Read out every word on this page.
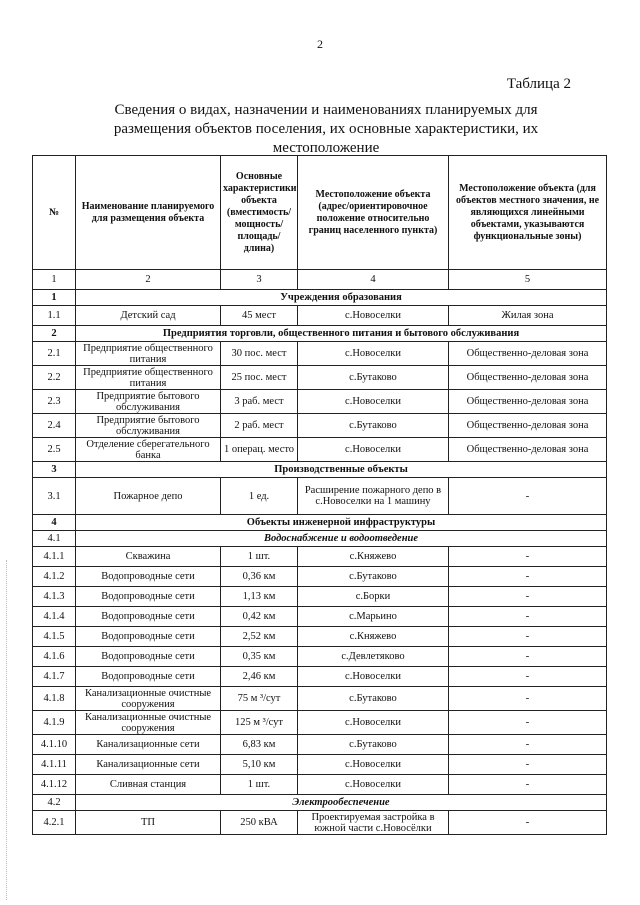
2
Таблица 2
Сведения о видах, назначении и наименованиях планируемых для размещения объектов поселения, их основные характеристики, их местоположение
№	Наименование планируемого для размещения объекта	Основные характеристики объекта (вместимость/ мощность/ площадь/ длина)	Местоположение объекта (адрес/ориентировочное положение относительно границ населенного пункта)	Местоположение объекта (для объектов местного значения, не являющихся линейными объектами, указываются функциональные зоны)
1	2	3	4	5
1	Учреждения образования			
1.1	Детский сад	45 мест	с.Новоселки	Жилая зона
2	Предприятия торговли, общественного питания и бытового обслуживания			
2.1	Предприятие общественного питания	30 пос. мест	с.Новоселки	Общественно-деловая зона
2.2	Предприятие общественного питания	25 пос. мест	с.Бутаково	Общественно-деловая зона
2.3	Предприятие бытового обслуживания	3 раб. мест	с.Новоселки	Общественно-деловая зона
2.4	Предприятие бытового обслуживания	2 раб. мест	с.Бутаково	Общественно-деловая зона
2.5	Отделение сберегательного банка	1 операц. место	с.Новоселки	Общественно-деловая зона
3	Производственные объекты			
3.1	Пожарное депо	1 ед.	Расширение пожарного депо в с.Новоселки на 1 машину	-
4	Объекты инженерной инфраструктуры			
4.1	Водоснабжение и водоотведение			
4.1.1	Скважина	1 шт.	с.Княжево	-
4.1.2	Водопроводные сети	0,36 км	с.Бутаково	-
4.1.3	Водопроводные сети	1,13 км	с.Борки	-
4.1.4	Водопроводные сети	0,42 км	с.Марьино	-
4.1.5	Водопроводные сети	2,52 км	с.Княжево	-
4.1.6	Водопроводные сети	0,35 км	с.Девлетяково	-
4.1.7	Водопроводные сети	2,46 км	с.Новоселки	-
4.1.8	Канализационные очистные сооружения	75 м ³/сут	с.Бутаково	-
4.1.9	Канализационные очистные сооружения	125 м ³/сут	с.Новоселки	-
4.1.10	Канализационные сети	6,83 км	с.Бутаково	-
4.1.11	Канализационные сети	5,10 км	с.Новоселки	-
4.1.12	Сливная станция	1 шт.	с.Новоселки	-
4.2	Электрообеспечение			
4.2.1	ТП	250 кВА	Проектируемая застройка в южной части с.Новосёлки	-
